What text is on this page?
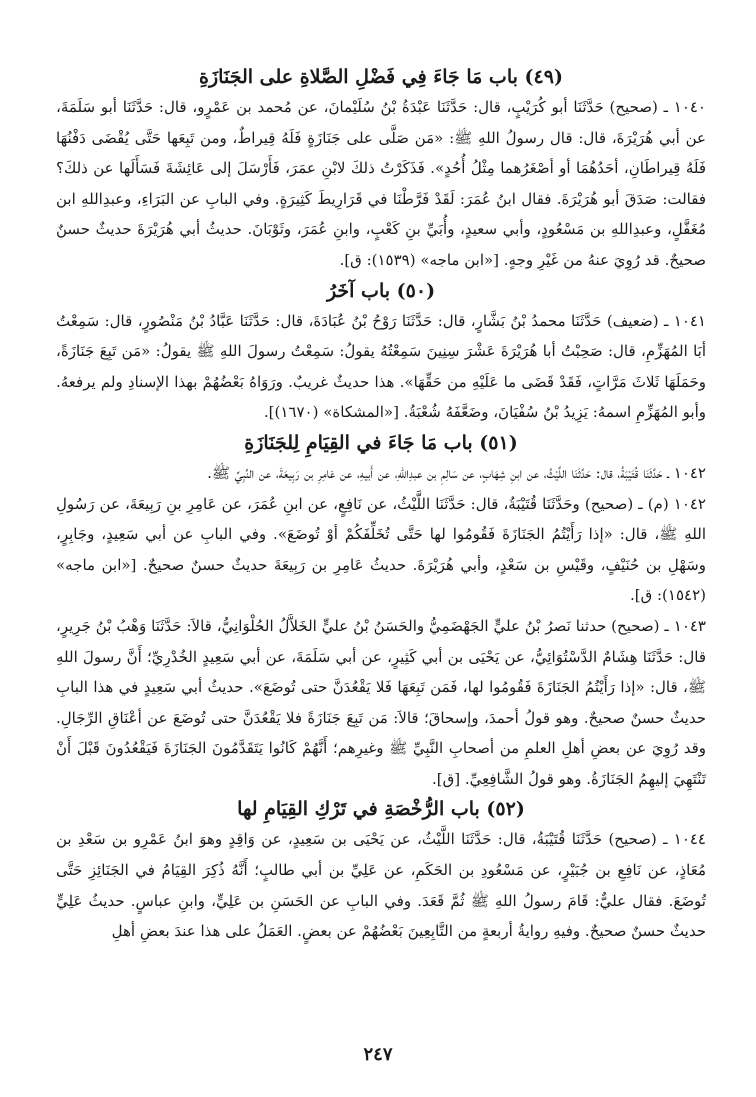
(٤٩) باب مَا جَاءَ فِي فَضْلِ الصَّلاةِ على الجَنَازَةِ

١٠٤٠ ـ (صحيح) حَدَّثَنَا أبو كُرَيْبٍ، قال: حَدَّثَنَا عَبْدَةُ بْنُ سُلَيْمانَ، عن مُحمد بن عَمْرٍو، قال: حَدَّثَنَا أبو سَلَمَةَ، عن أبي هُرَيْرَةَ، قال: قال رسولُ اللهِ ﷺ: «مَن صَلَّى على جَنَازَةٍ فَلَهُ قِيراطٌ، ومن تَبِعَها حَتَّى يُقْضَى دَفْنُهَا فَلَهُ قِيراطَانِ، أحَدُهُمَا أو أصْغَرُهما مِثْلُ أُحُدٍ». فَذَكَرْتُ ذلكَ لابْنِ عمَرَ، فَأَرْسَلَ إلى عَائِشَةَ فَسَأَلَها عن ذلكَ؟ فقالت: صَدَقَ أبو هُرَيْرَةَ. فقال ابنُ عُمَرَ: لَقَدْ فَرَّطْنَا في قَرَارِيطَ كَثِيرَةٍ. وفي البابِ عن البَرَاءِ، وعبدِاللهِ ابن مُغَفَّلٍ، وعبدِاللهِ بن مَسْعُودٍ، وأبي سعيدٍ، وأُبَيِّ بنِ كَعْبٍ، وابنِ عُمَرَ، وثَوْبَانَ. حديثُ أبي هُرَيْرَةَ حديثٌ حسنٌ صحيحٌ. قد رُوِيَ عنهُ من غَيْرِ وجهٍ. [«ابن ماجه» (١٥٣٩): ق].

(٥٠) باب آخَرُ

١٠٤١ ـ (ضعيف) حَدَّثَنَا محمدُ بْنُ بَشَّارٍ، قال: حَدَّثَنَا رَوْحُ بْنُ عُبَادَةَ، قال: حَدَّثَنَا عَبَّادُ بْنُ مَنْصُورٍ، قال: سَمِعْتُ أبَا المُهَزِّمِ، قال: صَحِبْتُ أبا هُرَيْرَةَ عَشْرَ سِنِينَ سَمِعْتُهُ يقولُ: سَمِعْتُ رسولَ اللهِ ﷺ يقولُ: «مَن تَبِعَ جَنَازَةً، وحَمَلَهَا ثَلاثَ مَرَّاتٍ، فَقَدْ قَضَى ما عَلَيْهِ من حَقِّهَا». هذا حديثٌ غريبٌ. ورَوَاهُ بَعْضُهُمْ بهذا الإسنادِ ولم يرفعهُ. وأبو المُهَزِّمِ اسمهُ: يَزِيدُ بْنُ سُفْيَانَ، وضَعَّفَهُ شُعْبَةُ. [«المشكاة» (١٦٧٠)].

(٥١) باب مَا جَاءَ في القِيَامِ لِلجَنَازَةِ

١٠٤٢ ـ حَدَّثَنَا قُتَيْبَةُ، قال: حَدَّثَنَا اللَّيْثُ، عن ابنِ شِهَابٍ، عن سَالِمِ بن عبدِاللهِ، عن أَبيهِ، عن عَامِرِ بن رَبِيعَةَ، عن النَّبِيِّ ﷺ.

١٠٤٢ (م) ـ (صحيح) وحَدَّثَنَا قُتَيْبَةُ، قال: حَدَّثَنَا اللَّيْثُ، عن نَافِعٍ، عن ابنِ عُمَرَ، عن عَامِرِ بنِ رَبِيعَةَ، عن رَسُولِ اللهِ ﷺ، قال: «إذا رَأَيْتُمُ الجَنَازَةَ فَقُومُوا لها حَتَّى تُخَلِّفَكُمْ أوْ تُوضَعَ». وفي البابِ عن أبي سَعِيدٍ، وجَابِرٍ، وسَهْلِ بن حُنَيْفٍ، وقَيْسِ بن سَعْدٍ، وأبي هُرَيْرَةَ. حديثُ عَامِرِ بن رَبِيعَةَ حديثٌ حسنٌ صحيحٌ. [«ابن ماجه» (١٥٤٢): ق].

١٠٤٣ ـ (صحيح) حدثنا نَصرُ بْنُ عليٍّ الجَهْضَمِيُّ والحَسَنُ بْنُ عليٍّ الخَلاَّلُ الحُلْوَانِيُّ، قالاَ: حَدَّثَنَا وَهْبُ بْنُ جَرِيرٍ، قال: حَدَّثَنَا هِشَامٌ الدَّسْتُوَائِيُّ، عن يَحْيَى بن أبي كَثِيرٍ، عن أبي سَلَمَةَ، عن أبي سَعِيدٍ الخُدْرِيِّ؛ أَنَّ رسولَ اللهِ ﷺ، قال: «إذا رَأَيْتُمُ الجَنَازَةَ فَقُومُوا لها، فَمَن تَبِعَهَا فَلا يَقْعُدَنَّ حتى تُوضَعَ». حديثُ أبي سَعِيدٍ في هذا البابِ حديثٌ حسنٌ صحيحٌ. وهو قولُ أحمدَ، وإسحاقَ؛ قالاَ: مَن تَبِعَ جَنَازَةً فلا يَقْعُدَنَّ حتى تُوضَعَ عن أعْنَاقِ الرِّجَالِ. وقد رُوِيَ عن بعضِ أهلِ العلمِ من أصحابِ النَّبِيِّ ﷺ وغيرِهم؛ أَنَّهُمْ كَانُوا يَتَقَدَّمُونَ الجَنَازَةَ فَيَقْعُدُونَ قَبْلَ أَنْ تَنْتَهِيَ إليهِمُ الجَنَازَةُ. وهو قولُ الشَّافِعِيِّ. [ق].

(٥٢) باب الرُّخْصَةِ في تَرْكِ القِيَامِ لها

١٠٤٤ ـ (صحيح) حَدَّثَنَا قُتَيْبَةُ، قال: حَدَّثَنَا اللَّيْثُ، عن يَحْيَى بن سَعِيدٍ، عن وَاقِدٍ وهوَ ابنُ عَمْرِو بن سَعْدِ بن مُعَاذٍ، عن نَافِعِ بن جُبَيْرٍ، عن مَسْعُودِ بن الحَكَمِ، عن عَلِيِّ بن أبي طالبٍ؛ أَنَّهُ ذُكِرَ القِيَامُ في الجَنَائِزِ حَتَّى تُوضَعَ. فقال عليٌّ: قَامَ رسولُ اللهِ ﷺ ثُمَّ قَعَدَ. وفي البابِ عن الحَسَنِ بن عَلِيٍّ، وابنِ عباسٍ. حديثُ عَلِيٍّ حديثٌ حسنٌ صحيحٌ. وفيهِ روايةُ أربعةٍ من التَّابِعِينَ بَعْضُهُمْ عن بعضٍ. العَمَلُ على هذا عندَ بعضِ أهلِ

٢٤٧
